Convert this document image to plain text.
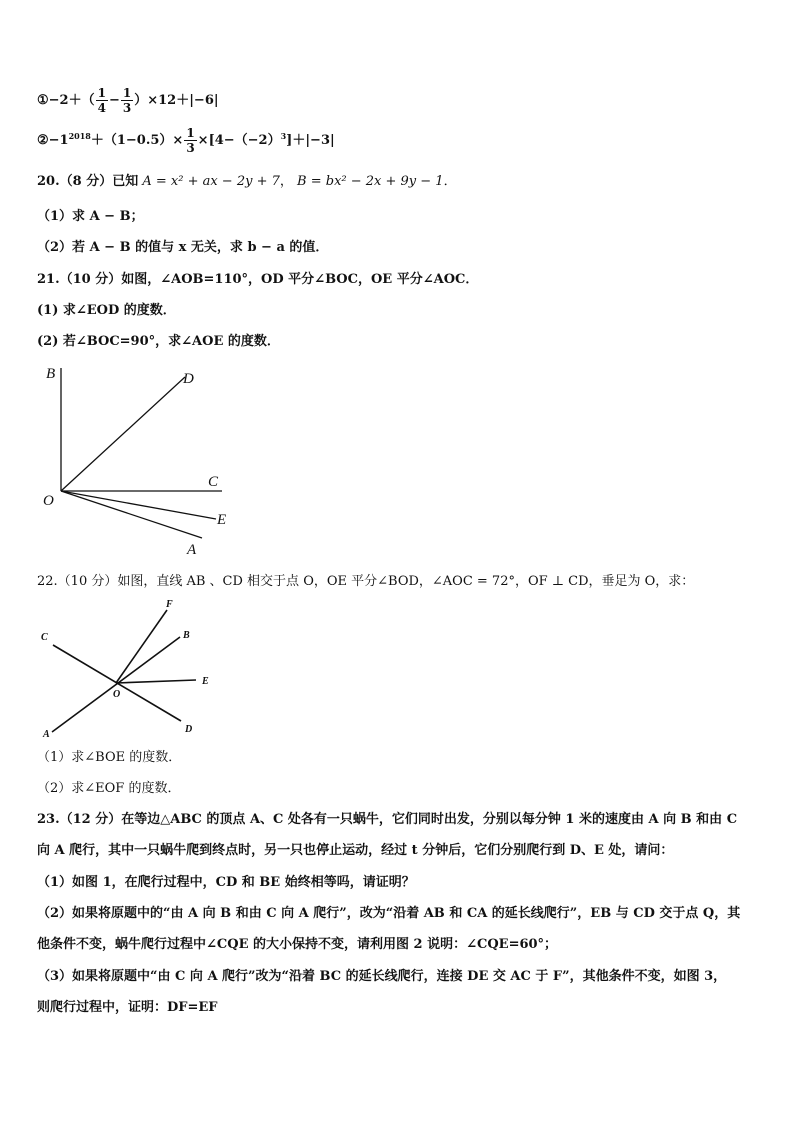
①−2＋（ $\frac{1}{4} - \frac{1}{3} )\times 12+|-6|$
$②-1^{2018}+(1-0.5)\times \frac{1}{3} \times[4-(-2)^3]+|-3|$
20.（8 分）已知 A = x² + ax − 2y + 7， B = bx² − 2x + 9y − 1．
（1）求 A − B；
（2）若 A − B 的值与 x 无关，求 b − a 的值．
21.（10 分）如图，∠AOB=110°，OD 平分∠BOC，OE 平分∠AOC．
(1) 求∠EOD 的度数．
(2) 若∠BOC=90°，求∠AOE 的度数．
B	D
C
O
E
A
22.（10 分）如图，直线 AB 、CD 相交于点 O，OE 平分∠BOD，∠AOC = 72°，OF ⊥ CD，垂足为 O，求：
F
C	B
E
O
A	D
（1）求∠BOE 的度数．
（2）求∠EOF 的度数．
23.（12 分）在等边△ABC 的顶点 A、C 处各有一只蜗牛，它们同时出发，分别以每分钟 1 米的速度由 A 向 B 和由 C
向 A 爬行，其中一只蜗牛爬到终点时，另一只也停止运动，经过 t 分钟后，它们分别爬行到 D、E 处，请问：
（1）如图 1，在爬行过程中，CD 和 BE 始终相等吗，请证明？
（2）如果将原题中的“由 A 向 B 和由 C 向 A 爬行”，改为“沿着 AB 和 CA 的延长线爬行”，EB 与 CD 交于点 Q，其
他条件不变，蜗牛爬行过程中∠CQE 的大小保持不变，请利用图 2 说明：∠CQE=60°；
（3）如果将原题中“由 C 向 A 爬行”改为“沿着 BC 的延长线爬行，连接 DE 交 AC 于 F”，其他条件不变，如图 3，
则爬行过程中，证明：DF=EF
